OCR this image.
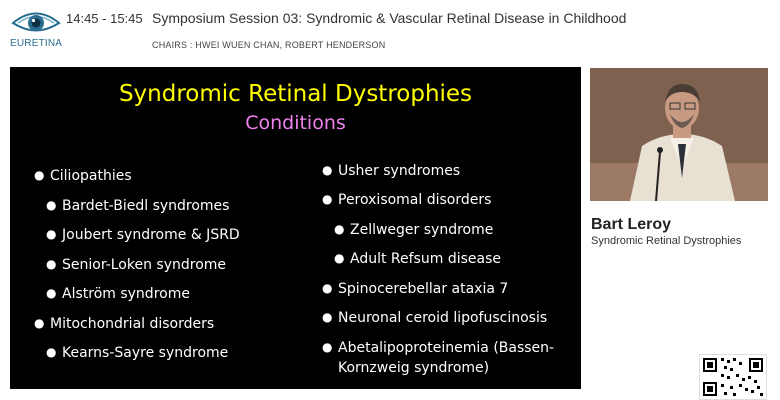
EURETINA
14:45 - 15:45 Symposium Session 03: Syndromic & Vascular Retinal Disease in Childhood
CHAIRS : HWEI WUEN CHAN, ROBERT HENDERSON
Syndromic Retinal Dystrophies
Conditions
● Ciliopathies
● Bardet-Biedl syndromes
● Joubert syndrome & JSRD
● Senior-Loken syndrome
● Alström syndrome
● Mitochondrial disorders
● Kearns-Sayre syndrome
● Usher syndromes
● Peroxisomal disorders
● Zellweger syndrome
● Adult Refsum disease
● Spinocerebellar ataxia 7
● Neuronal ceroid lipofuscinosis
● Abetalipoproteinemia (Bassen-
Kornzweig syndrome)
Bart Leroy
Syndromic Retinal Dystrophies
